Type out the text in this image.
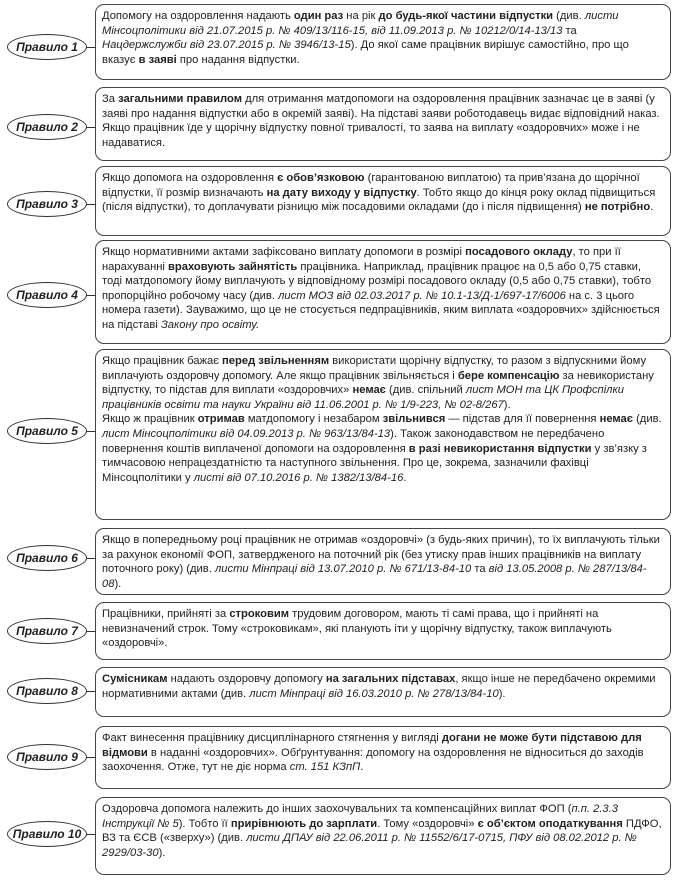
Правило 1

Допомогу на оздоровлення надають один раз на рік до будь-якої частини відпустки (див. листи Мінсоцполітики від 21.07.2015 р. № 409/13/116-15, від 11.09.2013 р. № 10212/0/14-13/13 та Нацдержслужби від 23.07.2015 р. № 3946/13-15). До якої саме працівник вирішує самостійно, про що вказує в заяві про надання відпустки.

Правило 2

За загальними правилом для отримання матдопомоги на оздоровлення працівник зазначає це в заяві (у заяві про надання відпустки або в окремій заяві). На підставі заяви роботодавець видає відповідний наказ. Якщо працівник їде у щорічну відпустку повної тривалості, то заява на виплату «оздоровчих» може і не надаватися.

Правило 3

Якщо допомога на оздоровлення є обов’язковою (гарантованою виплатою) та прив’язана до щорічної відпустки, її розмір визначають на дату виходу у відпустку. Тобто якщо до кінця року оклад підвищиться (після відпустки), то доплачувати різницю між посадовими окладами (до і після підвищення) не потрібно.

Правило 4

Якщо нормативними актами зафіксовано виплату допомоги в розмірі посадового окладу, то при її нарахуванні враховують зайнятість працівника. Наприклад, працівник працює на 0,5 або 0,75 ставки, тоді матдопомогу йому виплачують у відповідному розмірі посадового окладу (0,5 або 0,75 ставки), тобто пропорційно робочому часу (див. лист МОЗ від 02.03.2017 р. № 10.1-13/Д-1/697-17/6006 на с. 3 цього номера газети). Зауважимо, що це не стосується педпрацівників, яким виплата «оздоровчих» здійснюється на підставі Закону про освіту.

Правило 5

Якщо працівник бажає перед звільненням використати щорічну відпустку, то разом з відпускними йому виплачують оздоровчу допомогу. Але якщо працівник звільняється і бере компенсацію за невикористану відпустку, то підстав для виплати «оздоровчих» немає (див. спільний лист МОН та ЦК Профспілки працівників освіти та науки України від 11.06.2001 р. № 1/9-223, № 02-8/267).

Якщо ж працівник отримав матдопомогу і незабаром звільнився — підстав для її повернення немає (див. лист Мінсоцполітики від 04.09.2013 р. № 963/13/84-13). Також законодавством не передбачено повернення коштів виплаченої допомоги на оздоровлення в разі невикористання відпустки у зв’язку з тимчасовою непрацездатністю та наступного звільнення. Про це, зокрема, зазначили фахівці Мінсоцполітики у листі від 07.10.2016 р. № 1382/13/84-16.

Правило 6

Якщо в попередньому році працівник не отримав «оздоровчі» (з будь-яких причин), то їх виплачують тільки за рахунок економії ФОП, затвердженого на поточний рік (без утиску прав інших працівників на виплату поточного року) (див. листи Мінпраці від 13.07.2010 р. № 671/13-84-10 та від 13.05.2008 р. № 287/13/84-08).

Правило 7

Працівники, прийняті за строковим трудовим договором, мають ті самі права, що і прийняті на невизначений строк. Тому «строковикам», які планують іти у щорічну відпустку, також виплачують «оздоровчі».

Правило 8

Сумісникам надають оздоровчу допомогу на загальних підставах, якщо інше не передбачено окремими нормативними актами (див. лист Мінпраці від 16.03.2010 р. № 278/13/84-10).

Правило 9

Факт винесення працівнику дисциплінарного стягнення у вигляді догани не може бути підставою для відмови в наданні «оздоровчих». Обґрунтування: допомогу на оздоровлення не відноситься до заходів заохочення. Отже, тут не діє норма ст. 151 КЗпП.

Правило 10

Оздоровча допомога належить до інших заохочувальних та компенсаційних виплат ФОП (п.п. 2.3.3 Інструкції № 5). Тобто її прирівнюють до зарплати. Тому «оздоровчі» є об’єктом оподаткування ПДФО, ВЗ та ЄСВ («зверху») (див. листи ДПАУ від 22.06.2011 р. № 11552/6/17-0715, ПФУ від 08.02.2012 р. № 2929/03-30).
